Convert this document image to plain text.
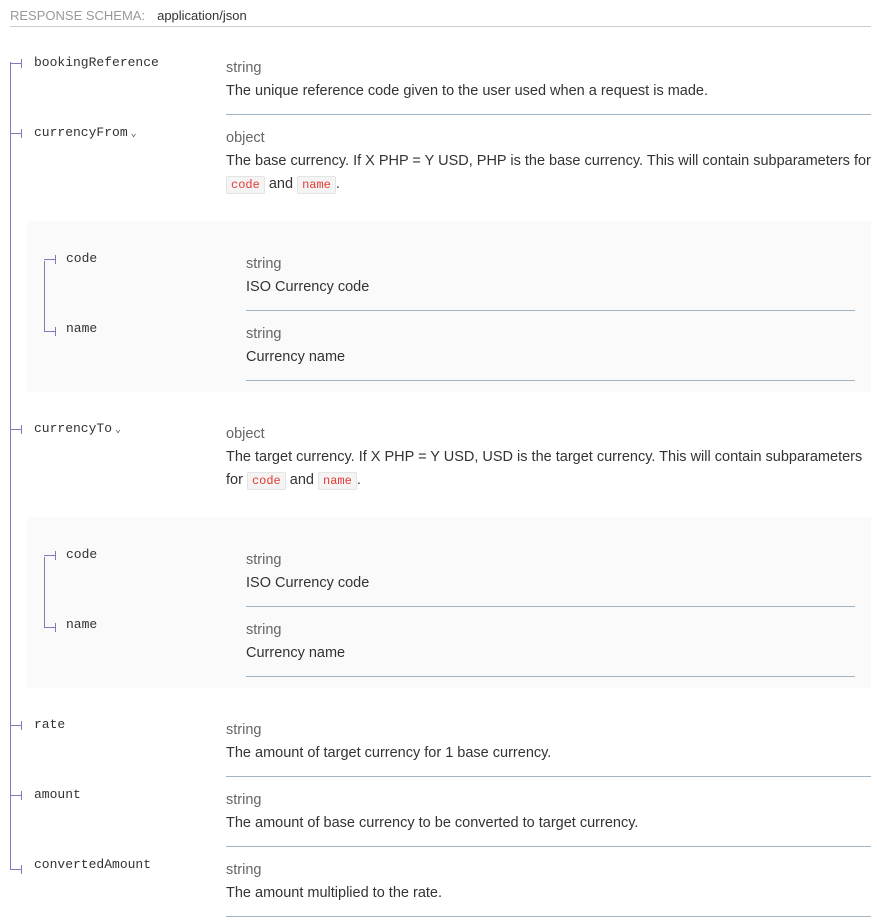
RESPONSE SCHEMA: application/json
bookingReference	string
The unique reference code given to the user used when a request is made.
currencyFrom ⌄	object
The base currency. If X PHP = Y USD, PHP is the base currency. This will contain subparameters for code and name .
code	string
ISO Currency code
name	string
Currency name
currencyTo ⌄	object
The target currency. If X PHP = Y USD, USD is the target currency. This will contain subparameters for code and name .
code	string
ISO Currency code
name	string
Currency name
rate	string
The amount of target currency for 1 base currency.
amount	string
The amount of base currency to be converted to target currency.
convertedAmount	string
The amount multiplied to the rate.
